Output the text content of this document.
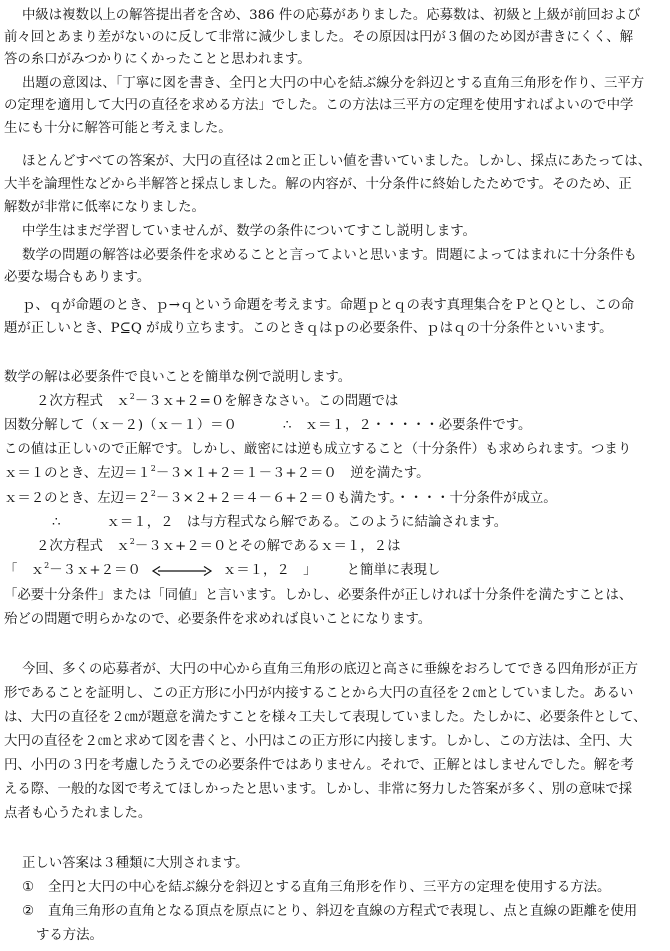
中級は複数以上の解答提出者を含め、386 件の応募がありました。応募数は、初級と上級が前回および
前々回とあまり差がないのに反して非常に減少しました。その原因は円が３個のため図が書きにくく、解
答の糸口がみつかりにくかったことと思われます。
出題の意図は、「丁寧に図を書き、全円と大円の中心を結ぶ線分を斜辺とする直角三角形を作り、三平方
の定理を適用して大円の直径を求める方法」でした。この方法は三平方の定理を使用すればよいので中学
生にも十分に解答可能と考えました。
ほとんどすべての答案が、大円の直径は２㎝と正しい値を書いていました。しかし、採点にあたっては、
大半を論理性などから半解答と採点しました。解の内容が、十分条件に終始したためです。そのため、正
解数が非常に低率になりました。
中学生はまだ学習していませんが、数学の条件についてすこし説明します。
数学の問題の解答は必要条件を求めることと言ってよいと思います。問題によってはまれに十分条件も
必要な場合もあります。
ｐ、ｑが命題のとき、ｐ→ｑという命題を考えます。命題ｐとｑの表す真理集合をＰとＱとし、この命
題が正しいとき、P⊆Q が成り立ちます。このときｑはｐの必要条件、ｐはｑの十分条件といいます。
数学の解は必要条件で良いことを簡単な例で説明します。
２次方程式　ｘ$^2$－３ｘ+２=０を解きなさい。この問題では
因数分解して（ｘ－２)（ｘ－１）＝０	∴　ｘ＝１，２・・・・・必要条件です。
この値は正しいので正解です。しかし、厳密には逆も成立すること（十分条件）も求められます。つまり
ｘ＝１のとき、左辺$=1^2-3\times 1+2=1-3+2=0$　逆を満たす。
ｘ＝２のとき、左辺$=2^2-3\times 2+2=4-6+2=0$も満たす。・・・・十分条件が成立。
∴	ｘ＝１，２　は与方程式なら解である。このように結論されます。
２次方程式　ｘ$^2$－３ｘ+２＝０とその解であるｘ＝１，２は
「　ｘ$^2$－３ｘ+２＝０	ｘ＝１，２　」 と簡単に表現し
「必要十分条件」または「同値」と言います。しかし、必要条件が正しければ十分条件を満たすことは、
殆どの問題で明らかなので、必要条件を求めれば良いことになります。
今回、多くの応募者が、大円の中心から直角三角形の底辺と高さに垂線をおろしてできる四角形が正方
形であることを証明し、この正方形に小円が内接することから大円の直径を２㎝としていました。あるい
は、大円の直径を２㎝が題意を満たすことを様々工夫して表現していました。たしかに、必要条件として、
大円の直径を２㎝と求めて図を書くと、小円はこの正方形に内接します。しかし、この方法は、全円、大
円、小円の３円を考慮したうえでの必要条件ではありません。それで、正解とはしませんでした。解を考
える際、一般的な図で考えてほしかったと思います。しかし、非常に努力した答案が多く、別の意味で採
点者も心うたれました。
正しい答案は３種類に大別されます。
① 全円と大円の中心を結ぶ線分を斜辺とする直角三角形を作り、三平方の定理を使用する方法。
② 直角三角形の直角となる頂点を原点にとり、斜辺を直線の方程式で表現し、点と直線の距離を使用
する方法。
